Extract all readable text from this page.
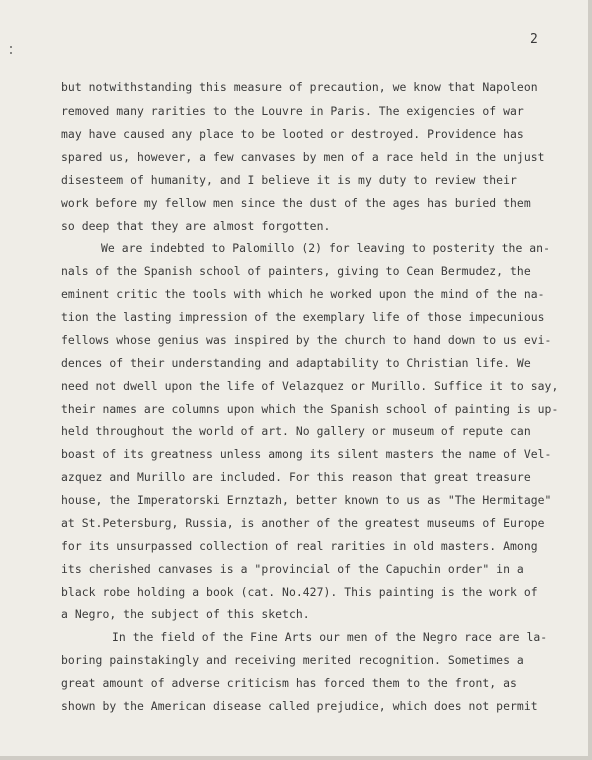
2
but notwithstanding this measure of precaution, we know that Napoleon
removed many rarities to the Louvre in Paris. The exigencies of war
may have caused any place to be looted or destroyed. Providence has
spared us, however, a few canvases by men of a race held in the unjust
disesteem of humanity, and I believe it is my duty to review their
work before my fellow men since the dust of the ages has buried them
so deep that they are almost forgotten.
We are indebted to Palomillo (2) for leaving to posterity the an-
nals of the Spanish school of painters, giving to Cean Bermudez, the
eminent critic the tools with which he worked upon the mind of the na-
tion the lasting impression of the exemplary life of those impecunious
fellows whose genius was inspired by the church to hand down to us evi-
dences of their understanding and adaptability to Christian life. We
need not dwell upon the life of Velazquez or Murillo. Suffice it to say,
their names are columns upon which the Spanish school of painting is up-
held throughout the world of art. No gallery or museum of repute can
boast of its greatness unless among its silent masters the name of Vel-
azquez and Murillo are included. For this reason that great treasure
house, the Imperatorski Ernztazh, better known to us as "The Hermitage"
at St.Petersburg, Russia, is another of the greatest museums of Europe
for its unsurpassed collection of real rarities in old masters. Among
its cherished canvases is a "provincial of the Capuchin order" in a
black robe holding a book (cat. No.427). This painting is the work of
a Negro, the subject of this sketch.
In the field of the Fine Arts our men of the Negro race are la-
boring painstakingly and receiving merited recognition. Sometimes a
great amount of adverse criticism has forced them to the front, as
shown by the American disease called prejudice, which does not permit
